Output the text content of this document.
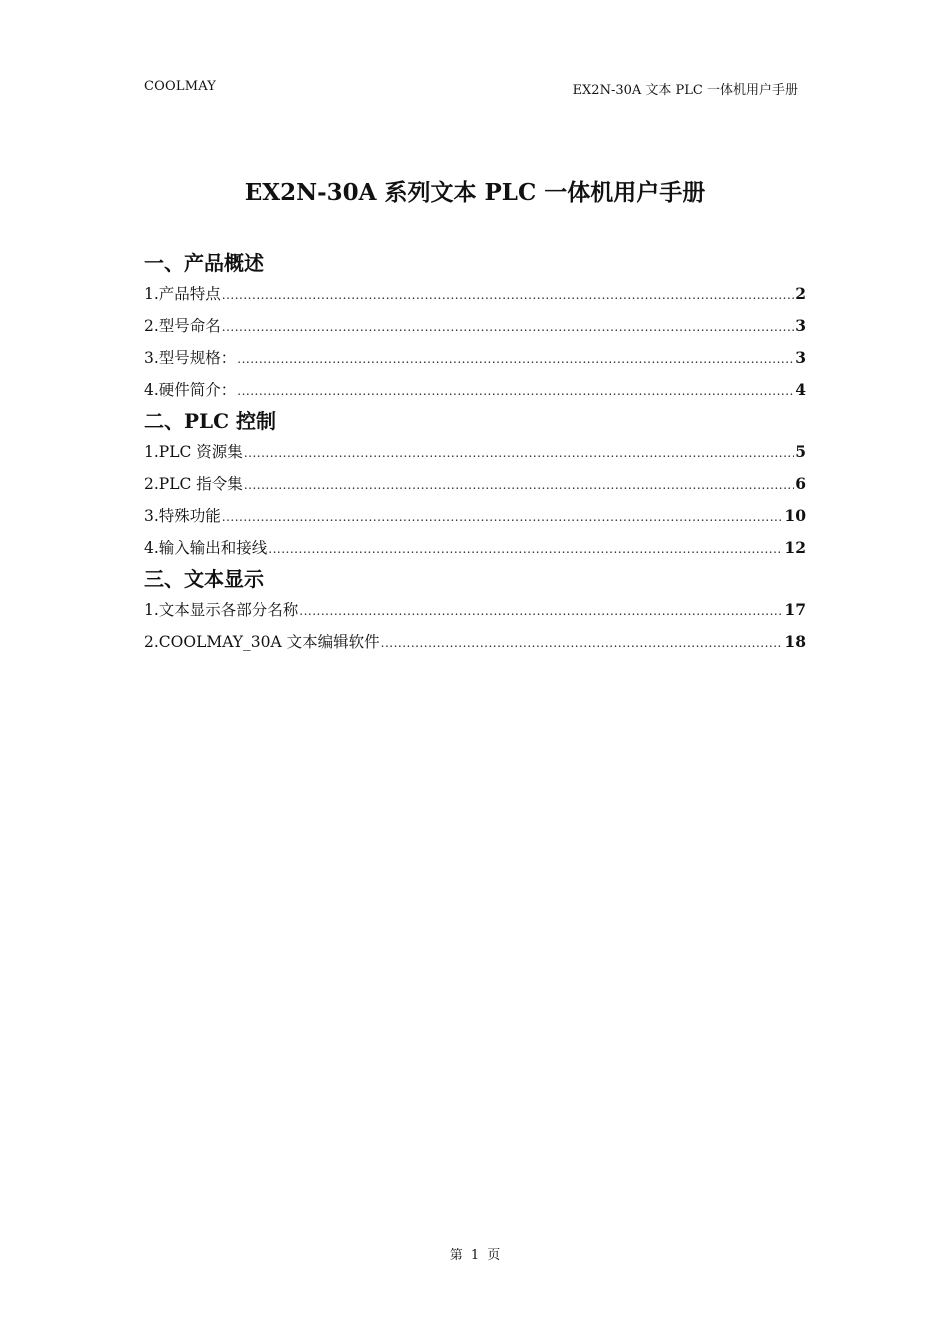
COOLMAY	EX2N-30A 文本 PLC 一体机用户手册
EX2N-30A 系列文本 PLC 一体机用户手册
一、产品概述
1.产品特点 .....	2
2.型号命名 .....	3
3.型号规格： .....	3
4.硬件简介： .....	4
二、PLC 控制
1.PLC 资源集 .....	5
2.PLC 指令集 .....	6
3.特殊功能 .....	10
4.输入输出和接线 .....	12
三、文本显示
1.文本显示各部分名称 .....	17
2.COOLMAY_30A 文本编辑软件 .....	18
第 1 页
